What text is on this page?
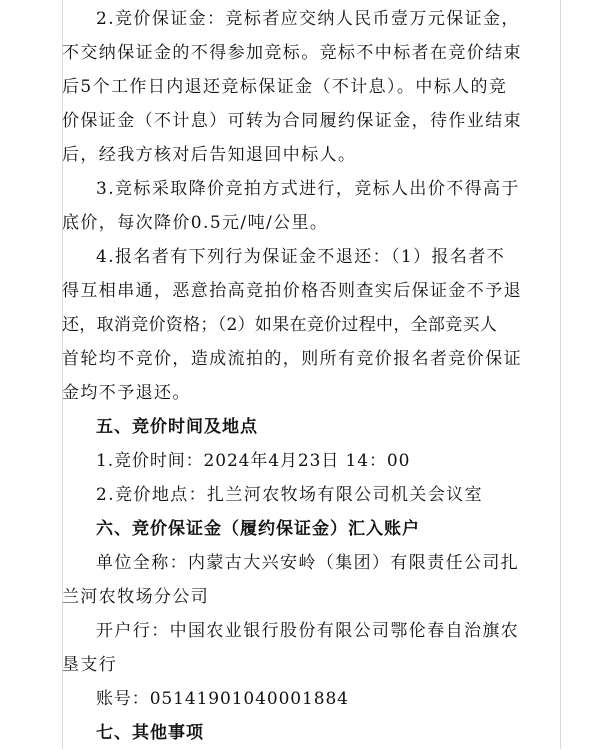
2.竞价保证金：竞标者应交纳人民币壹万元保证金，
不交纳保证金的不得参加竞标。竞标不中标者在竞价结束
后5个工作日内退还竞标保证金（不计息）。中标人的竞
价保证金（不计息）可转为合同履约保证金，待作业结束
后，经我方核对后告知退回中标人。
3.竞标采取降价竞拍方式进行，竞标人出价不得高于
底价，每次降价0.5元/吨/公里。
4.报名者有下列行为保证金不退还：（1）报名者不
得互相串通，恶意抬高竞拍价格否则查实后保证金不予退
还，取消竞价资格；（2）如果在竞价过程中，全部竞买人
首轮均不竞价，造成流拍的，则所有竞价报名者竞价保证
金均不予退还。
五、竞价时间及地点
1.竞价时间：2024年4月23日 14：00
2.竞价地点：扎兰河农牧场有限公司机关会议室
六、竞价保证金（履约保证金）汇入账户
单位全称：内蒙古大兴安岭（集团）有限责任公司扎
兰河农牧场分公司
开户行：中国农业银行股份有限公司鄂伦春自治旗农
垦支行
账号：05141901040001884
七、其他事项
